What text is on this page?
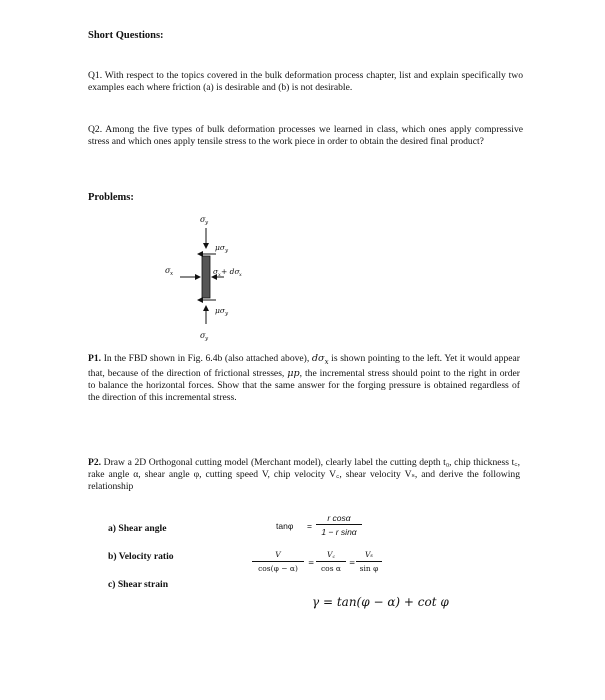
Short Questions:
Q1. With respect to the topics covered in the bulk deformation process chapter, list and explain specifically two examples each where friction (a) is desirable and (b) is not desirable.
Q2. Among the five types of bulk deformation processes we learned in class, which ones apply compressive stress and which ones apply tensile stress to the work piece in order to obtain the desired final product?
Problems:
σ y
μσ y
σ x	σ x + dσ x
μσ y
σ y
P1. In the FBD shown in Fig. 6.4b (also attached above), $d\sigma_x$ is shown pointing to the left. Yet it would appear that, because of the direction of frictional stresses, μp, the incremental stress should point to the right in order to balance the horizontal forces. Show that the same answer for the forging pressure is obtained regardless of the direction of this incremental stress.
P2. Draw a 2D Orthogonal cutting model (Merchant model), clearly label the cutting depth t₀, chip thickness t꜀, rake angle α, shear angle φ, cutting speed V, chip velocity V꜀, shear velocity Vₛ, and derive the following relationship
a) Shear angle
b) Velocity ratio
c) Shear strain
tanφ =
r cosα
1 − r sinα
V
cos(φ − α)
=
V꜀
cos α
=
Vₛ
sin φ
γ = tan(φ − α) + cot φ
